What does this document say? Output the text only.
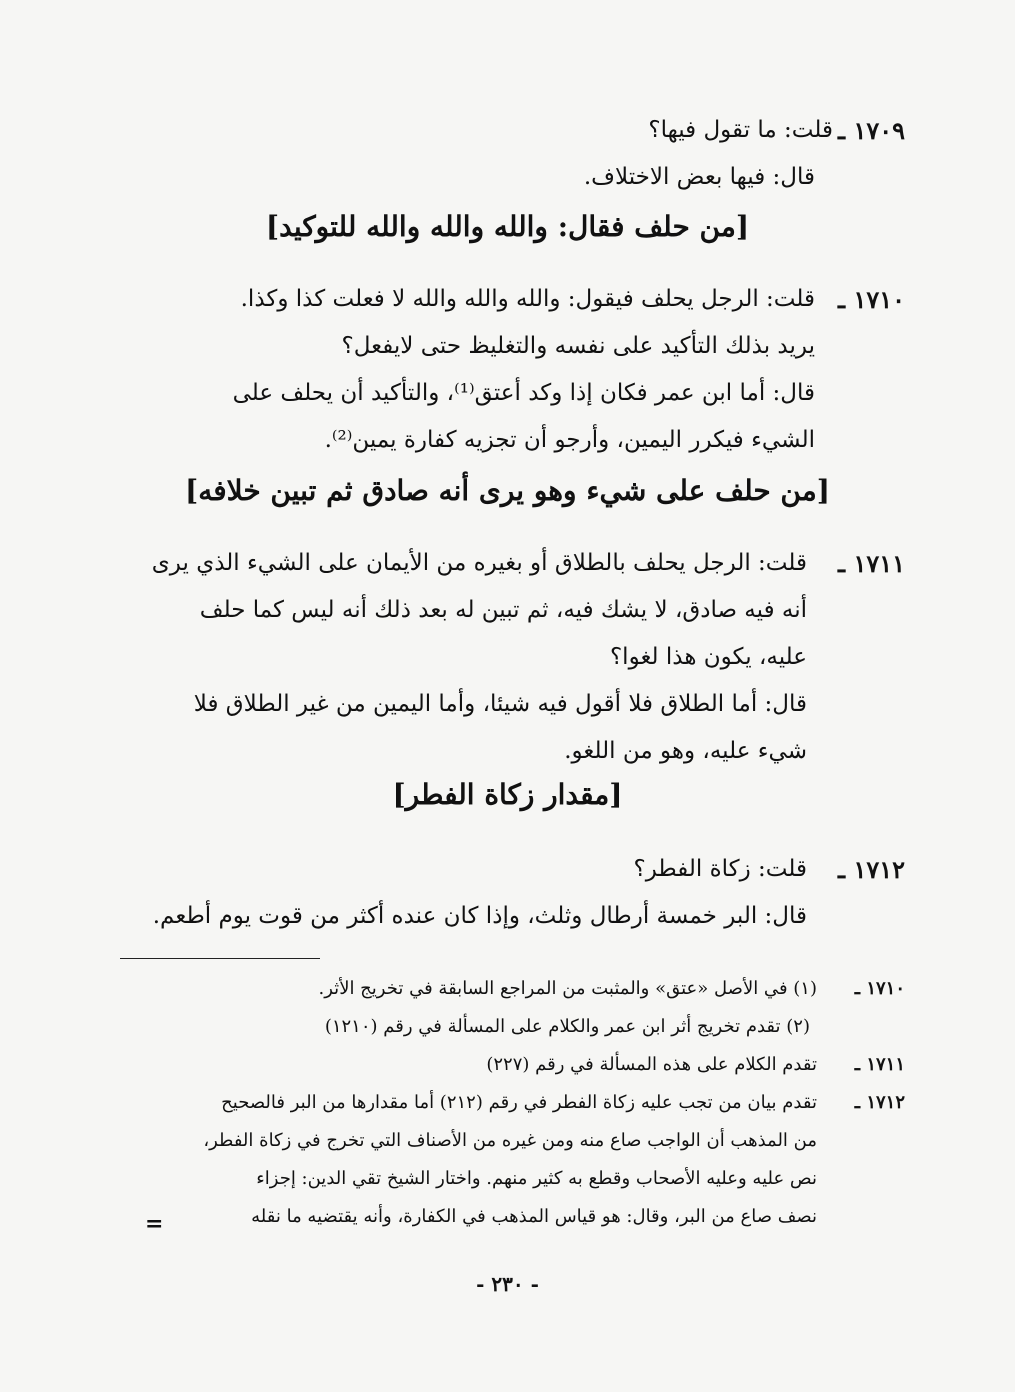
١٧٠٩ ـ
قلت: ما تقول فيها؟
قال: فيها بعض الاختلاف.
[من حلف فقال: والله والله والله للتوكيد]
١٧١٠ ـ
قلت: الرجل يحلف فيقول: والله والله والله لا فعلت كذا وكذا.
يريد بذلك التأكيد على نفسه والتغليظ حتى لايفعل؟
قال: أما ابن عمر فكان إذا وكد أعتق⁽¹⁾، والتأكيد أن يحلف على
الشيء فيكرر اليمين، وأرجو أن تجزيه كفارة يمين⁽²⁾.
[من حلف على شيء وهو يرى أنه صادق ثم تبين خلافه]
١٧١١ ـ
قلت: الرجل يحلف بالطلاق أو بغيره من الأيمان على الشيء الذي يرى
أنه فيه صادق، لا يشك فيه، ثم تبين له بعد ذلك أنه ليس كما حلف
عليه، يكون هذا لغوا؟
قال: أما الطلاق فلا أقول فيه شيئا، وأما اليمين من غير الطلاق فلا
شيء عليه، وهو من اللغو.
[مقدار زكاة الفطر]
١٧١٢ ـ
قلت: زكاة الفطر؟
قال: البر خمسة أرطال وثلث، وإذا كان عنده أكثر من قوت يوم أطعم.
١٧١٠ ـ
(١) في الأصل «عتق» والمثبت من المراجع السابقة في تخريج الأثر.
(٢) تقدم تخريج أثر ابن عمر والكلام على المسألة في رقم (١٢١٠)
١٧١١ ـ
تقدم الكلام على هذه المسألة في رقم (٢٢٧)
١٧١٢ ـ
تقدم بيان من تجب عليه زكاة الفطر في رقم (٢١٢) أما مقدارها من البر فالصحيح
من المذهب أن الواجب صاع منه ومن غيره من الأصناف التي تخرج في زكاة الفطر،
نص عليه وعليه الأصحاب وقطع به كثير منهم. واختار الشيخ تقي الدين: إجزاء
نصف صاع من البر، وقال: هو قياس المذهب في الكفارة، وأنه يقتضيه ما نقله
=
- ٢٣٠ -
